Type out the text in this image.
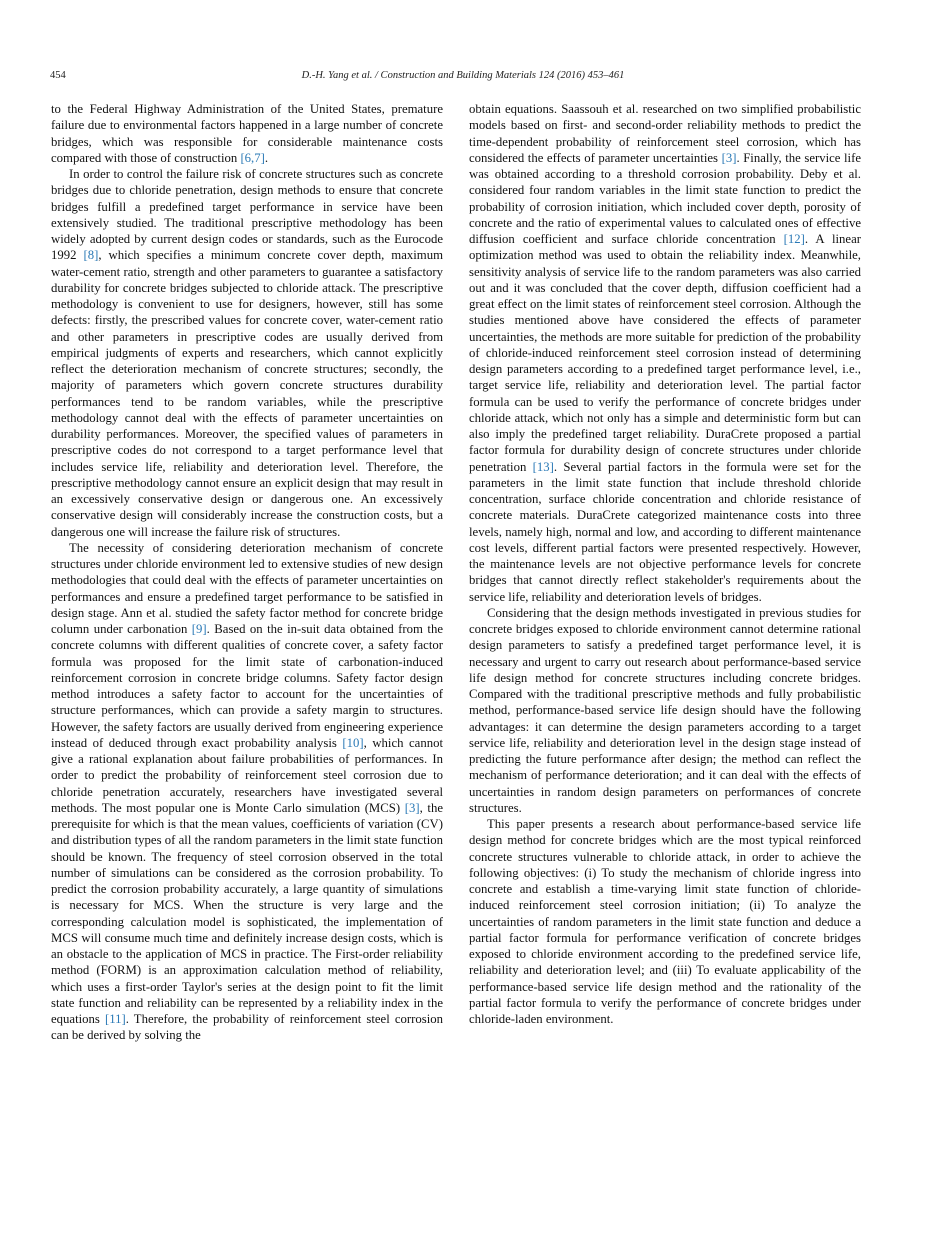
454	D.-H. Yang et al. / Construction and Building Materials 124 (2016) 453–461

to the Federal Highway Administration of the United States, premature failure due to environmental factors happened in a large number of concrete bridges, which was responsible for considerable maintenance costs compared with those of construction [6,7].

In order to control the failure risk of concrete structures such as concrete bridges due to chloride penetration, design methods to ensure that concrete bridges fulfill a predefined target performance in service have been extensively studied. The traditional prescriptive methodology has been widely adopted by current design codes or standards, such as the Eurocode 1992 [8], which specifies a minimum concrete cover depth, maximum water-cement ratio, strength and other parameters to guarantee a satisfactory durability for concrete bridges subjected to chloride attack. The prescriptive methodology is convenient to use for designers, however, still has some defects: firstly, the prescribed values for concrete cover, water-cement ratio and other parameters in prescriptive codes are usually derived from empirical judgments of experts and researchers, which cannot explicitly reflect the deterioration mechanism of concrete structures; secondly, the majority of parameters which govern concrete structures durability performances tend to be random variables, while the prescriptive methodology cannot deal with the effects of parameter uncertainties on durability performances. Moreover, the specified values of parameters in prescriptive codes do not correspond to a target performance level that includes service life, reliability and deterioration level. Therefore, the prescriptive methodology cannot ensure an explicit design that may result in an excessively conservative design or dangerous one. An excessively conservative design will considerably increase the construction costs, but a dangerous one will increase the failure risk of structures.

The necessity of considering deterioration mechanism of concrete structures under chloride environment led to extensive studies of new design methodologies that could deal with the effects of parameter uncertainties on performances and ensure a predefined target performance to be satisfied in design stage. Ann et al. studied the safety factor method for concrete bridge column under carbonation [9]. Based on the in-suit data obtained from the concrete columns with different qualities of concrete cover, a safety factor formula was proposed for the limit state of carbonation-induced reinforcement corrosion in concrete bridge columns. Safety factor design method introduces a safety factor to account for the uncertainties of structure performances, which can provide a safety margin to structures. However, the safety factors are usually derived from engineering experience instead of deduced through exact probability analysis [10], which cannot give a rational explanation about failure probabilities of performances. In order to predict the probability of reinforcement steel corrosion due to chloride penetration accurately, researchers have investigated several methods. The most popular one is Monte Carlo simulation (MCS) [3], the prerequisite for which is that the mean values, coefficients of variation (CV) and distribution types of all the random parameters in the limit state function should be known. The frequency of steel corrosion observed in the total number of simulations can be considered as the corrosion probability. To predict the corrosion probability accurately, a large quantity of simulations is necessary for MCS. When the structure is very large and the corresponding calculation model is sophisticated, the implementation of MCS will consume much time and definitely increase design costs, which is an obstacle to the application of MCS in practice. The First-order reliability method (FORM) is an approximation calculation method of reliability, which uses a first-order Taylor's series at the design point to fit the limit state function and reliability can be represented by a reliability index in the equations [11]. Therefore, the probability of reinforcement steel corrosion can be derived by solving the

obtain equations. Saassouh et al. researched on two simplified probabilistic models based on first- and second-order reliability methods to predict the time-dependent probability of reinforcement steel corrosion, which has considered the effects of parameter uncertainties [3]. Finally, the service life was obtained according to a threshold corrosion probability. Deby et al. considered four random variables in the limit state function to predict the probability of corrosion initiation, which included cover depth, porosity of concrete and the ratio of experimental values to calculated ones of effective diffusion coefficient and surface chloride concentration [12]. A linear optimization method was used to obtain the reliability index. Meanwhile, sensitivity analysis of service life to the random parameters was also carried out and it was concluded that the cover depth, diffusion coefficient had a great effect on the limit states of reinforcement steel corrosion. Although the studies mentioned above have considered the effects of parameter uncertainties, the methods are more suitable for prediction of the probability of chloride-induced reinforcement steel corrosion instead of determining design parameters according to a predefined target performance level, i.e., target service life, reliability and deterioration level. The partial factor formula can be used to verify the performance of concrete bridges under chloride attack, which not only has a simple and deterministic form but can also imply the predefined target reliability. DuraCrete proposed a partial factor formula for durability design of concrete structures under chloride penetration [13]. Several partial factors in the formula were set for the parameters in the limit state function that include threshold chloride concentration, surface chloride concentration and chloride resistance of concrete materials. DuraCrete categorized maintenance costs into three levels, namely high, normal and low, and according to different maintenance cost levels, different partial factors were presented respectively. However, the maintenance levels are not objective performance levels for concrete bridges that cannot directly reflect stakeholder's requirements about the service life, reliability and deterioration levels of bridges.

Considering that the design methods investigated in previous studies for concrete bridges exposed to chloride environment cannot determine rational design parameters to satisfy a predefined target performance level, it is necessary and urgent to carry out research about performance-based service life design method for concrete structures including concrete bridges. Compared with the traditional prescriptive methods and fully probabilistic method, performance-based service life design should have the following advantages: it can determine the design parameters according to a target service life, reliability and deterioration level in the design stage instead of predicting the future performance after design; the method can reflect the mechanism of performance deterioration; and it can deal with the effects of uncertainties in random design parameters on performances of concrete structures.

This paper presents a research about performance-based service life design method for concrete bridges which are the most typical reinforced concrete structures vulnerable to chloride attack, in order to achieve the following objectives: (i) To study the mechanism of chloride ingress into concrete and establish a time-varying limit state function of chloride-induced reinforcement steel corrosion initiation; (ii) To analyze the uncertainties of random parameters in the limit state function and deduce a partial factor formula for performance verification of concrete bridges exposed to chloride environment according to the predefined service life, reliability and deterioration level; and (iii) To evaluate applicability of the performance-based service life design method and the rationality of the partial factor formula to verify the performance of concrete bridges under chloride-laden environment.
